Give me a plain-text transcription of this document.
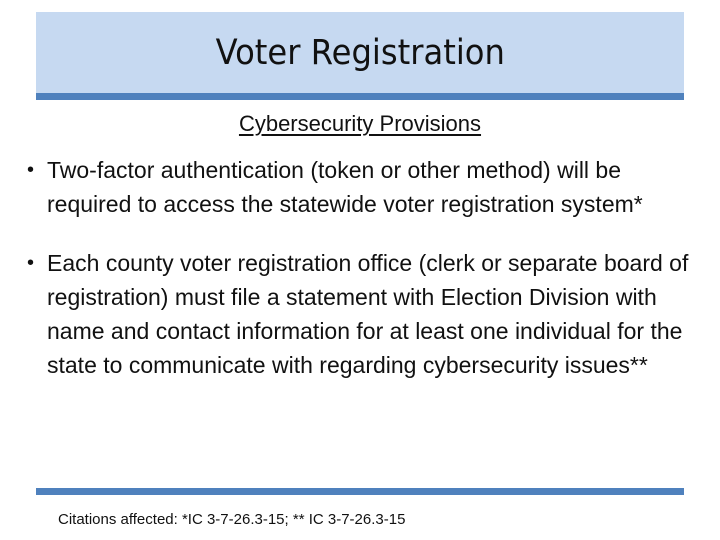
Voter Registration
Cybersecurity Provisions
• Two-factor authentication (token or other method) will be required to access the statewide voter registration system*
• Each county voter registration office (clerk or separate board of registration) must file a statement with Election Division with name and contact information for at least one individual for the state to communicate with regarding cybersecurity issues**
Citations affected: *IC 3-7-26.3-15; ** IC 3-7-26.3-15
